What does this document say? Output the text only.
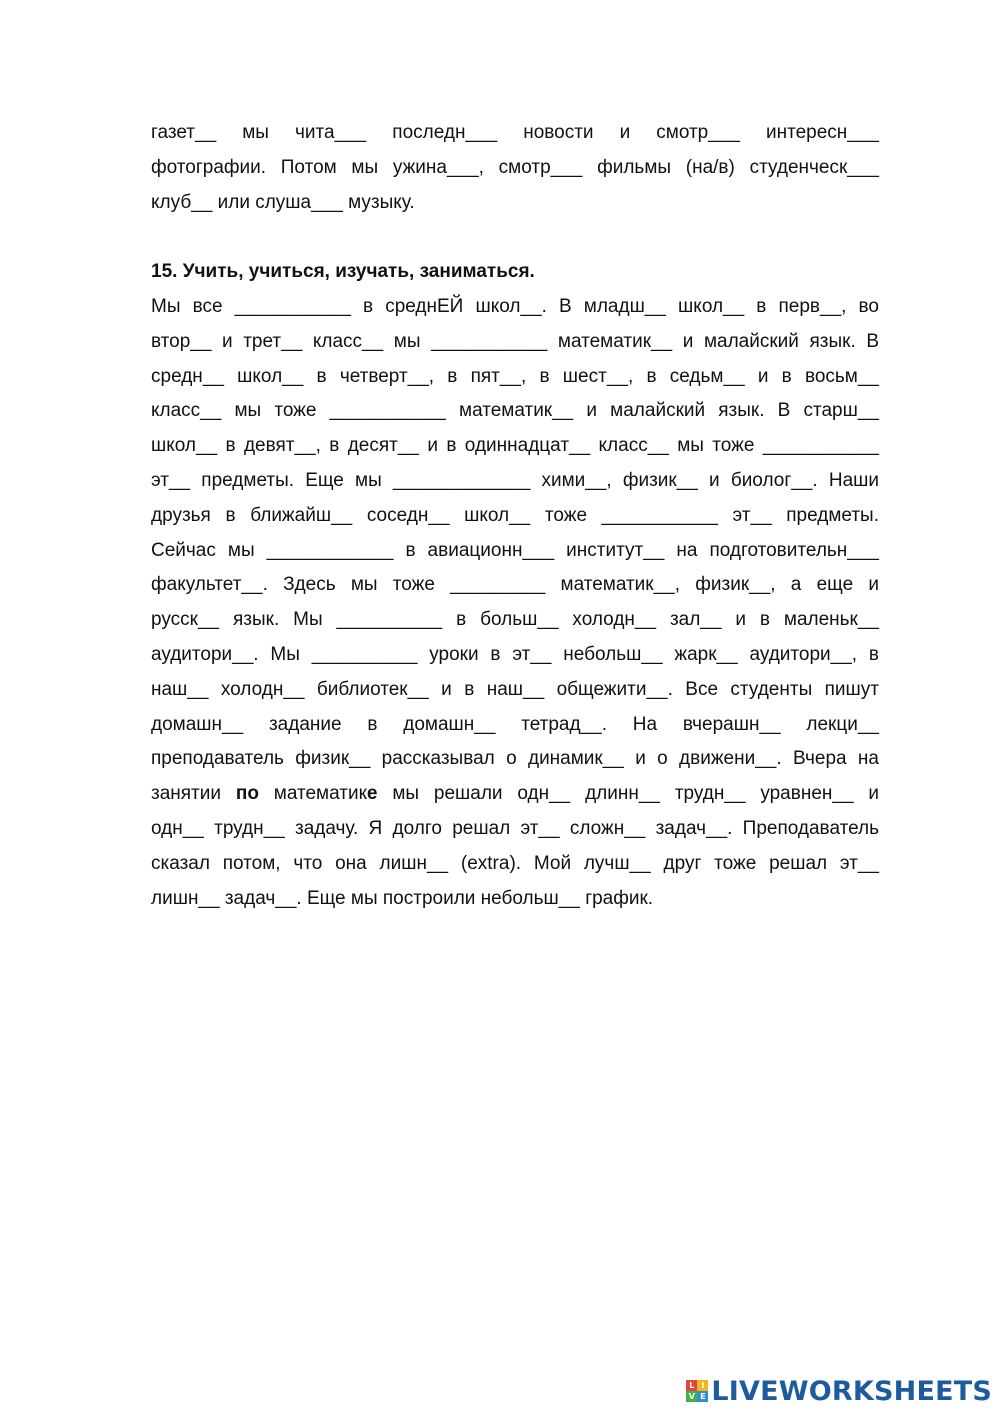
газет__ мы чита___ последн___ новости и смотр___ интересн___
фотографии. Потом мы ужина___, смотр___ фильмы (на/в) студенческ___
клуб__ или слуша___ музыку.
15. Учить, учиться, изучать, заниматься.
Мы все ___________ в среднЕЙ школ__. В младш__ школ__ в перв__, во
втор__ и трет__ класс__ мы ___________ математик__ и малайский язык. В
средн__ школ__ в четверт__, в пят__, в шест__, в седьм__ и в восьм__
класс__ мы тоже ___________ математик__ и малайский язык. В старш__
школ__ в девят__, в десят__ и в одиннадцат__ класс__ мы тоже ___________
эт__ предметы. Еще мы _____________ хими__, физик__ и биолог__. Наши
друзья в ближайш__ соседн__ школ__ тоже ___________ эт__ предметы.
Сейчас мы ____________ в авиационн___ институт__ на подготовительн___
факультет__. Здесь мы тоже _________ математик__, физик__, а еще и
русск__ язык. Мы __________ в больш__ холодн__ зал__ и в маленьк__
аудитори__. Мы __________ уроки в эт__ небольш__ жарк__ аудитори__, в
наш__ холодн__ библиотек__ и в наш__ общежити__. Все студенты пишут
домашн__ задание в домашн__ тетрад__. На вчерашн__ лекци__
преподаватель физик__ рассказывал о динамик__ и о движени__. Вчера на
занятии по математике мы решали одн__ длинн__ трудн__ уравнен__ и
одн__ трудн__ задачу. Я долго решал эт__ сложн__ задач__. Преподаватель
сказал потом, что она лишн__ (extra). Мой лучш__ друг тоже решал эт__
лишн__ задач__. Еще мы построили небольш__ график.
L I
V E LIVEWORKSHEETS
